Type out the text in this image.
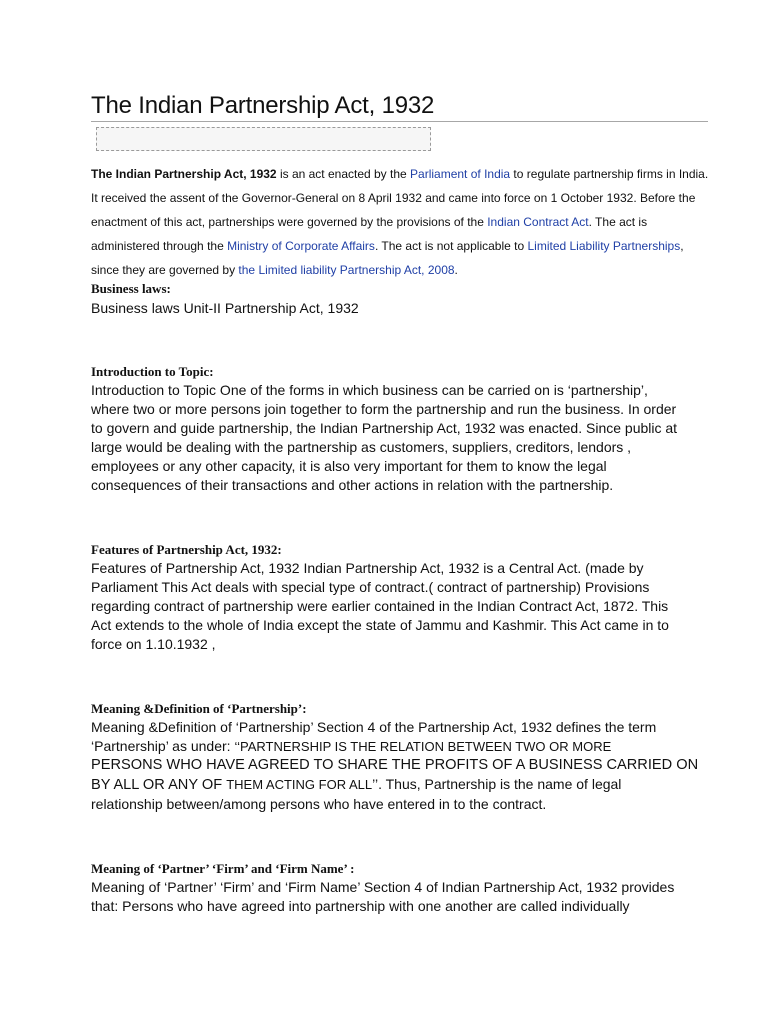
The Indian Partnership Act, 1932

The Indian Partnership Act, 1932 is an act enacted by the Parliament of India to regulate partnership firms in India. It received the assent of the Governor-General on 8 April 1932 and came into force on 1 October 1932. Before the enactment of this act, partnerships were governed by the provisions of the Indian Contract Act. The act is administered through the Ministry of Corporate Affairs. The act is not applicable to Limited Liability Partnerships, since they are governed by the Limited liability Partnership Act, 2008.

Business laws:
Business laws Unit-II Partnership Act, 1932
Introduction to Topic:
Introduction to Topic One of the forms in which business can be carried on is ‘partnership’,
where two or more persons join together to form the partnership and run the business. In order
to govern and guide partnership, the Indian Partnership Act, 1932 was enacted. Since public at
large would be dealing with the partnership as customers, suppliers, creditors, lendors ,
employees or any other capacity, it is also very important for them to know the legal
consequences of their transactions and other actions in relation with the partnership.
Features of Partnership Act, 1932:
Features of Partnership Act, 1932 Indian Partnership Act, 1932 is a Central Act. (made by
Parliament This Act deals with special type of contract.( contract of partnership) Provisions
regarding contract of partnership were earlier contained in the Indian Contract Act, 1872. This
Act extends to the whole of India except the state of Jammu and Kashmir. This Act came in to
force on 1.10.1932 ,
Meaning &Definition of ‘Partnership’:
Meaning &Definition of ‘Partnership’ Section 4 of the Partnership Act, 1932 defines the term
‘Partnership’ as under: ‘‘PARTNERSHIP IS THE RELATION BETWEEN TWO OR MORE
PERSONS WHO HAVE AGREED TO SHARE THE PROFITS OF A BUSINESS CARRIED ON
BY ALL OR ANY OF THEM ACTING FOR ALL’’. Thus, Partnership is the name of legal
relationship between/among persons who have entered in to the contract.
Meaning of ‘Partner’ ‘Firm’ and ‘Firm Name’ :
Meaning of ‘Partner’ ‘Firm’ and ‘Firm Name’ Section 4 of Indian Partnership Act, 1932 provides
that: Persons who have agreed into partnership with one another are called individually
